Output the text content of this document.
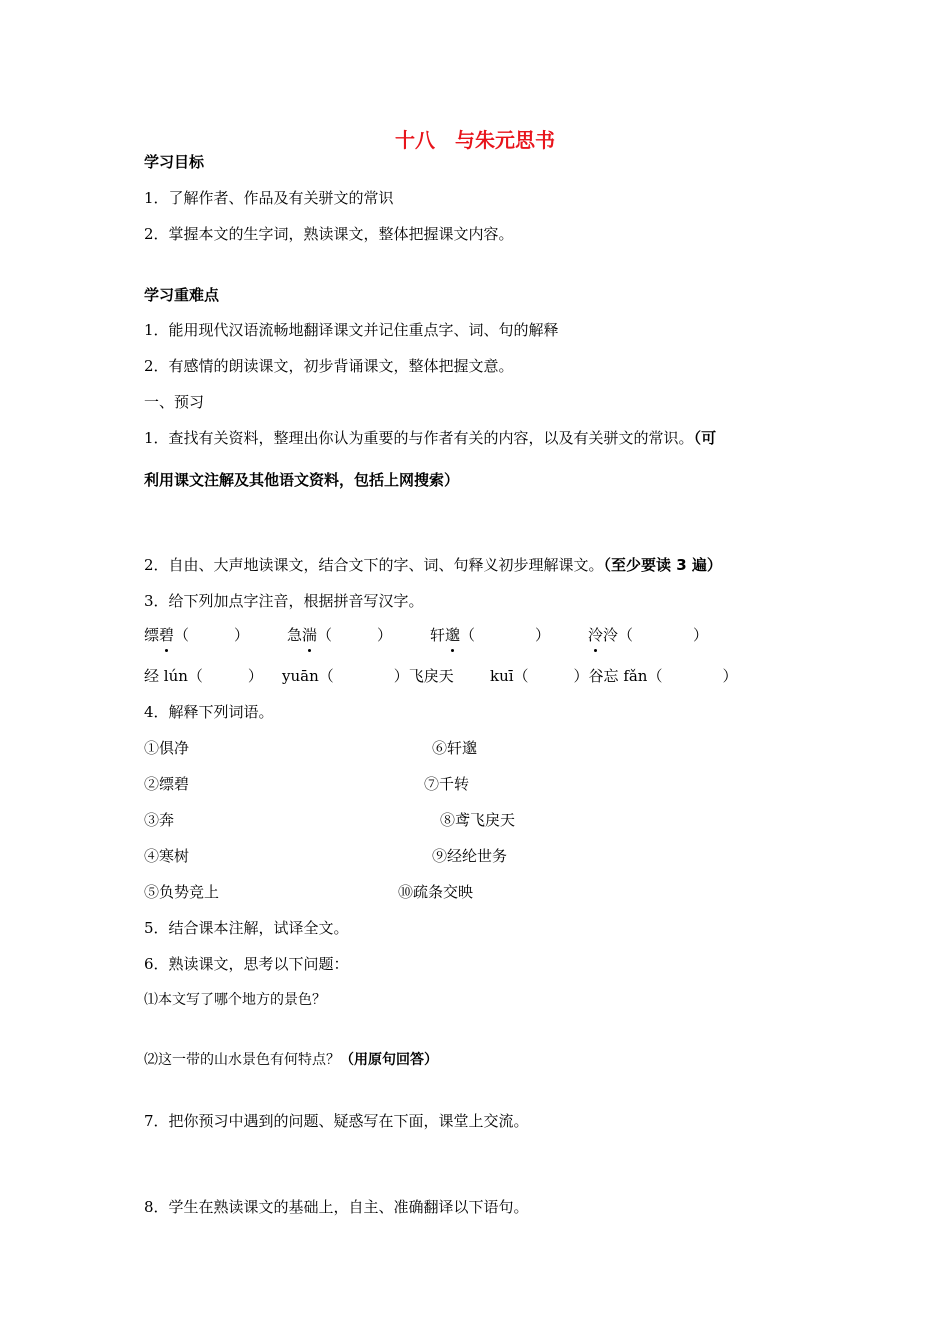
十八　与朱元思书
学习目标
1．了解作者、作品及有关骈文的常识
2．掌握本文的生字词，熟读课文，整体把握课文内容。
学习重难点
1．能用现代汉语流畅地翻译课文并记住重点字、词、句的解释
2．有感情的朗读课文，初步背诵课文，整体把握文意。
一、预习
1．查找有关资料，整理出你认为重要的与作者有关的内容，以及有关骈文的常识。（可
利用课文注解及其他语文资料，包括上网搜索）
2．自由、大声地读课文，结合文下的字、词、句释义初步理解课文。（至少要读 3 遍）
3．给下列加点字注音，根据拼音写汉字。
缥碧（　　　）	急湍（　　　）	轩邈（　　　　）	泠泠（　　　　）
经 lún（　　　） yuān（　　　　）飞戾天 kuī（　　　）谷忘 fǎn（　　　　）
4．解释下列词语。
①俱净
②缥碧
③奔
④寒树
⑤负势竞上
⑥轩邈
⑦千转
⑧鸢飞戾天
⑨经纶世务
⑩疏条交映
5．结合课本注解，试译全文。
6．熟读课文，思考以下问题：
⑴本文写了哪个地方的景色？
⑵这一带的山水景色有何特点？（用原句回答）
7．把你预习中遇到的问题、疑惑写在下面，课堂上交流。
8．学生在熟读课文的基础上，自主、准确翻译以下语句。
